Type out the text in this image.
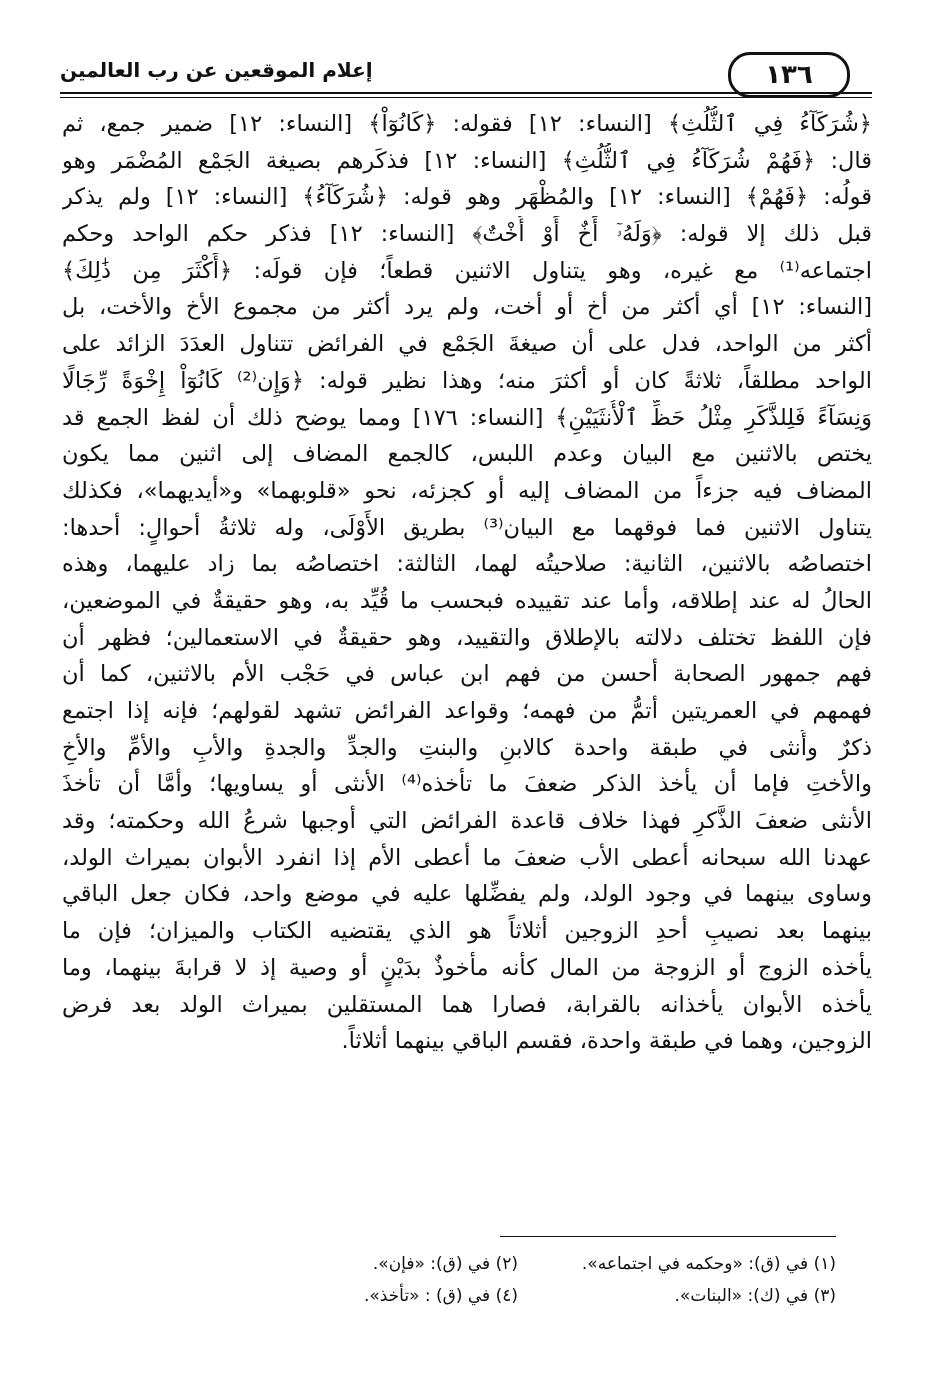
إعلام الموقعين عن رب العالمين	١٣٦
﴿شُرَكَآءُ فِي ٱلثُّلُثِ﴾ [النساء: ١٢] فقوله: ﴿كَانُوٓاْ﴾ [النساء: ١٢] ضمير جمع، ثم
قال: ﴿فَهُمْ شُرَكَآءُ فِي ٱلثُّلُثِ﴾ [النساء: ١٢] فذكَرهم بصيغة الجَمْع المُضْمَر وهو
قولُه: ﴿فَهُمْ﴾ [النساء: ١٢] والمُظْهَر وهو قوله: ﴿شُرَكَآءُ﴾ [النساء: ١٢] ولم يذكر
قبل ذلك إلا قوله: ﴿وَلَهُۥٓ أَخٌ أَوْ أُخْتٌ﴾ [النساء: ١٢] فذكر حكم الواحد وحكم
اجتماعه⁽¹⁾ مع غيره، وهو يتناول الاثنين قطعاً؛ فإن قولَه: ﴿أَكْثَرَ مِن ذَٰلِكَ﴾
[النساء: ١٢] أي أكثر من أخ أو أخت، ولم يرد أكثر من مجموع الأخ والأخت، بل
أكثر من الواحد، فدل على أن صيغةَ الجَمْع في الفرائض تتناول العدَدَ الزائد على
الواحد مطلقاً، ثلاثةً كان أو أكثرَ منه؛ وهذا نظير قوله: ﴿وَإِن⁽²⁾ كَانُوٓاْ إِخْوَةً رِّجَالًا
وَنِسَآءً فَلِلذَّكَرِ مِثْلُ حَظِّ ٱلْأُنثَيَيْنِ﴾ [النساء: ١٧٦] ومما يوضح ذلك أن لفظ الجمع قد
يختص بالاثنين مع البيان وعدم اللبس، كالجمع المضاف إلى اثنين مما يكون
المضاف فيه جزءاً من المضاف إليه أو كجزئه، نحو «قلوبهما» و«أيديهما»، فكذلك
يتناول الاثنين فما فوقهما مع البيان⁽³⁾ بطريق الأَوْلَى، وله ثلاثةُ أحوالٍ: أحدها:
اختصاصُه بالاثنين، الثانية: صلاحيتُه لهما، الثالثة: اختصاصُه بما زاد عليهما، وهذه
الحالُ له عند إطلاقه، وأما عند تقييده فبحسب ما قُيِّد به، وهو حقيقةٌ في الموضعين،
فإن اللفظ تختلف دلالته بالإطلاق والتقييد، وهو حقيقةٌ في الاستعمالين؛ فظهر أن
فهم جمهور الصحابة أحسن من فهم ابن عباس في حَجْب الأم بالاثنين، كما أن
فهمهم في العمريتين أتمُّ من فهمه؛ وقواعد الفرائض تشهد لقولهم؛ فإنه إذا اجتمع
ذكرٌ وأُنثى في طبقة واحدة كالابنِ والبنتِ والجدِّ والجدةِ والأبِ والأمِّ والأخِ
والأختِ فإما أن يأخذ الذكر ضعفَ ما تأخذه⁽⁴⁾ الأنثى أو يساويها؛ وأمَّا أن تأخذَ
الأنثى ضعفَ الذَّكرِ فهذا خلاف قاعدة الفرائض التي أوجبها شرعُ الله وحكمته؛ وقد
عهدنا الله سبحانه أعطى الأب ضعفَ ما أعطى الأم إذا انفرد الأبوان بميراث الولد،
وساوى بينهما في وجود الولد، ولم يفضِّلها عليه في موضع واحد، فكان جعل الباقي
بينهما بعد نصيبِ أحدِ الزوجين أثلاثاً هو الذي يقتضيه الكتاب والميزان؛ فإن ما
يأخذه الزوج أو الزوجة من المال كأنه مأخوذٌ بدَيْنٍ أو وصية إذ لا قرابةَ بينهما، وما
يأخذه الأبوان يأخذانه بالقرابة، فصارا هما المستقلين بميراث الولد بعد فرض
الزوجين، وهما في طبقة واحدة، فقسم الباقي بينهما أثلاثاً.
(١) في (ق): «وحكمه في اجتماعه».
(٢) في (ق): «فإن».
(٣) في (ك): «البنات».
(٤) في (ق) : «تأخذ».
